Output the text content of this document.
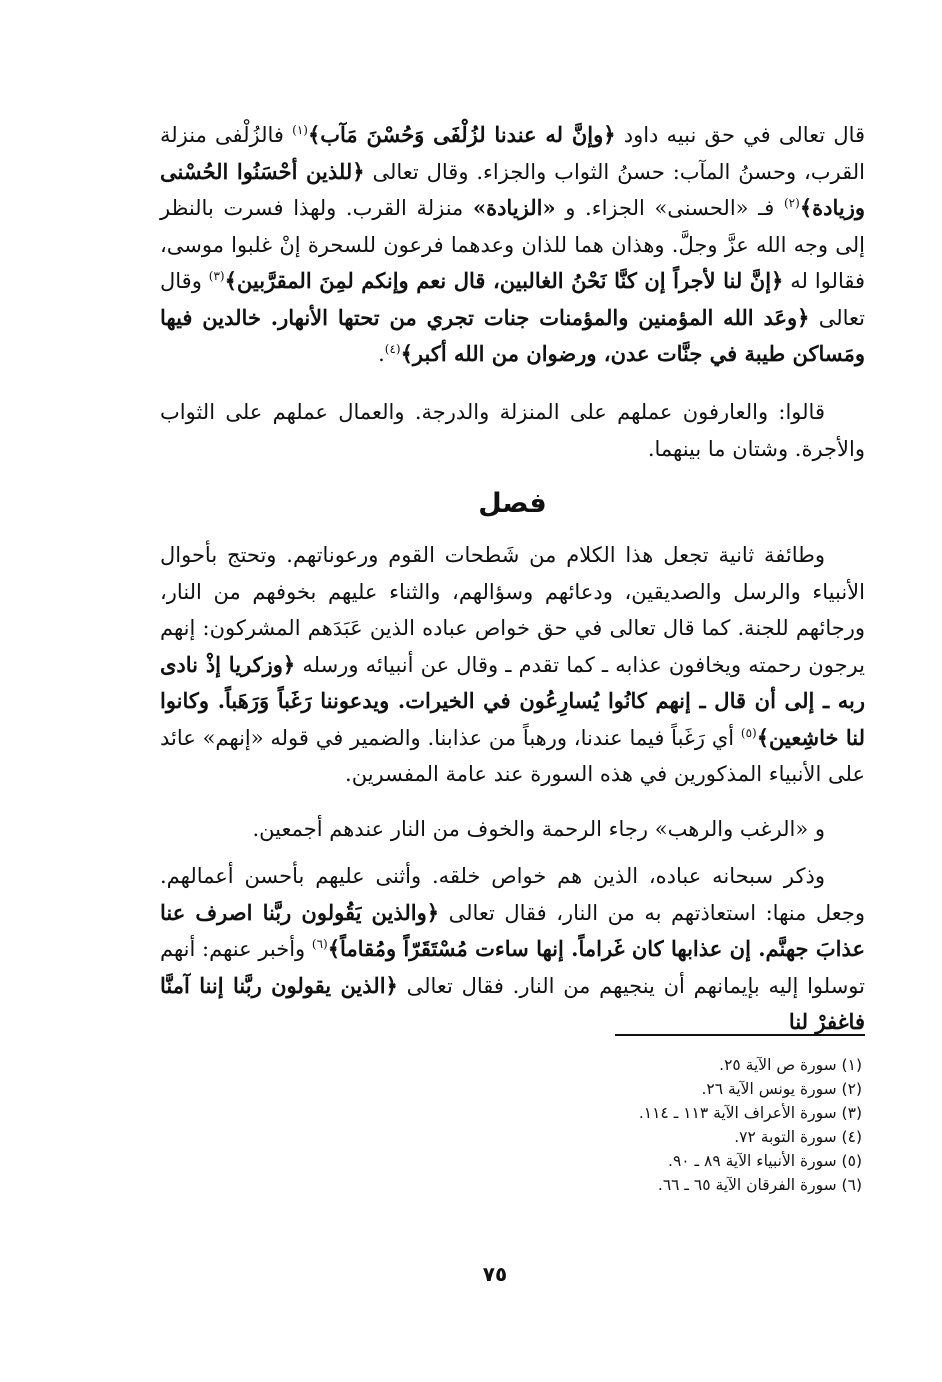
قال تعالى في حق نبيه داود ﴿وإنَّ له عندنا لزُلْفَى وَحُسْنَ مَآب﴾$^{(١)}$ فالزُلْفى منزلة القرب، وحسنُ المآب: حسنُ الثواب والجزاء. وقال تعالى ﴿للذين أحْسَنُوا الحُسْنى وزيادة﴾$^{(٢)}$ فـ «الحسنى» الجزاء. و «الزيادة» منزلة القرب. ولهذا فسرت بالنظر إلى وجه الله عزَّ وجلَّ. وهذان هما للذان وعدهما فرعون للسحرة إنْ غلبوا موسى، فقالوا له ﴿إنَّ لنا لأجراً إن كنَّا نَحْنُ الغالبين، قال نعم وإنكم لمِنَ المقرَّبين﴾$^{(٣)}$ وقال تعالى ﴿وعَد الله المؤمنين والمؤمنات جنات تجري من تحتها الأنهار. خالدين فيها ومَساكن طيبة في جنَّات عدن، ورضوان من الله أكبر﴾$^{(٤)}$.

قالوا: والعارفون عملهم على المنزلة والدرجة. والعمال عملهم على الثواب والأجرة. وشتان ما بينهما.

فصل

وطائفة ثانية تجعل هذا الكلام من شَطحات القوم ورعوناتهم. وتحتج بأحوال الأنبياء والرسل والصديقين، ودعائهم وسؤالهم، والثناء عليهم بخوفهم من النار، ورجائهم للجنة. كما قال تعالى في حق خواص عباده الذين عَبَدَهم المشركون: إنهم يرجون رحمته ويخافون عذابه ـ كما تقدم ـ وقال عن أنبيائه ورسله ﴿وزكريا إذْ نادى ربه ـ إلى أن قال ـ إنهم كانُوا يُسارِعُون في الخيرات. ويدعوننا رَغَباً وَرَهَباً. وكانوا لنا خاشِعين﴾$^{(٥)}$ أي رَغَباً فيما عندنا، ورهباً من عذابنا. والضمير في قوله «إنهم» عائد على الأنبياء المذكورين في هذه السورة عند عامة المفسرين.

و «الرغب والرهب» رجاء الرحمة والخوف من النار عندهم أجمعين.

وذكر سبحانه عباده، الذين هم خواص خلقه. وأثنى عليهم بأحسن أعمالهم. وجعل منها: استعاذتهم به من النار، فقال تعالى ﴿والذين يَقُولون ربَّنا اصرف عنا عذابَ جهنَّم. إن عذابها كان غَراماً. إنها ساءت مُسْتَقَرّاً ومُقاماً﴾$^{(٦)}$ وأخبر عنهم: أنهم توسلوا إليه بإيمانهم أن ينجيهم من النار. فقال تعالى ﴿الذين يقولون ربَّنا إننا آمنَّا فاغفرْ لنا

(١) سورة ص الآية ٢٥.
(٢) سورة يونس الآية ٢٦.
(٣) سورة الأعراف الآية ١١٣ ـ ١١٤.
(٤) سورة التوبة ٧٢.
(٥) سورة الأنبياء الآية ٨٩ ـ ٩٠.
(٦) سورة الفرقان الآية ٦٥ ـ ٦٦.
٧٥
